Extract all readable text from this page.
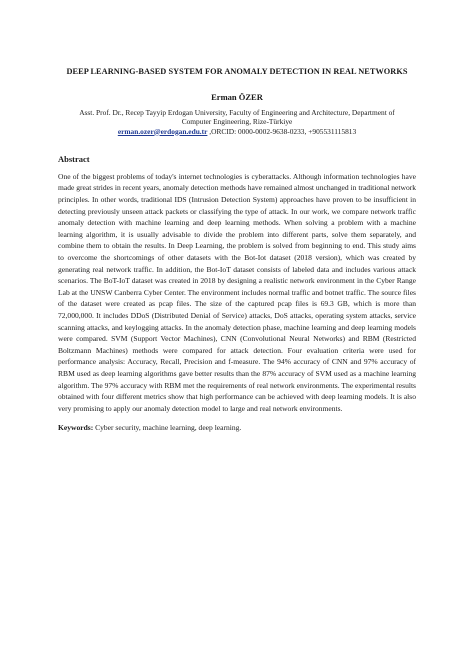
DEEP LEARNING-BASED SYSTEM FOR ANOMALY DETECTION IN REAL NETWORKS
Erman ÖZER
Asst. Prof. Dr., Recep Tayyip Erdogan University, Faculty of Engineering and Architecture, Department of
Computer Engineering, Rize-Türkiye
erman.ozer@erdogan.edu.tr ,ORCID: 0000-0002-9638-0233, +905531115813
Abstract
One of the biggest problems of today's internet technologies is cyberattacks. Although information technologies have made great strides in recent years, anomaly detection methods have remained almost unchanged in traditional network principles. In other words, traditional IDS (Intrusion Detection System) approaches have proven to be insufficient in detecting previously unseen attack packets or classifying the type of attack. In our work, we compare network traffic anomaly detection with machine learning and deep learning methods. When solving a problem with a machine learning algorithm, it is usually advisable to divide the problem into different parts, solve them separately, and combine them to obtain the results. In Deep Learning, the problem is solved from beginning to end. This study aims to overcome the shortcomings of other datasets with the Bot-Iot dataset (2018 version), which was created by generating real network traffic. In addition, the Bot-IoT dataset consists of labeled data and includes various attack scenarios. The BoT-IoT dataset was created in 2018 by designing a realistic network environment in the Cyber Range Lab at the UNSW Canberra Cyber Center. The environment includes normal traffic and botnet traffic. The source files of the dataset were created as pcap files. The size of the captured pcap files is 69.3 GB, which is more than 72,000,000. It includes DDoS (Distributed Denial of Service) attacks, DoS attacks, operating system attacks, service scanning attacks, and keylogging attacks. In the anomaly detection phase, machine learning and deep learning models were compared. SVM (Support Vector Machines), CNN (Convolutional Neural Networks) and RBM (Restricted Boltzmann Machines) methods were compared for attack detection. Four evaluation criteria were used for performance analysis: Accuracy, Recall, Precision and f-measure. The 94% accuracy of CNN and 97% accuracy of RBM used as deep learning algorithms gave better results than the 87% accuracy of SVM used as a machine learning algorithm. The 97% accuracy with RBM met the requirements of real network environments. The experimental results obtained with four different metrics show that high performance can be achieved with deep learning models. It is also very promising to apply our anomaly detection model to large and real network environments.
Keywords: Cyber security, machine learning, deep learning.
